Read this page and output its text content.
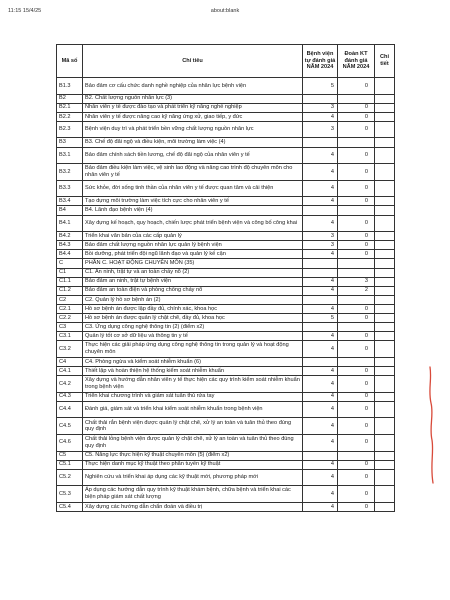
11:15 15/4/25	about:blank
Mã số	Chỉ tiêu	Bệnh viện tự đánh giá NĂM 2024	Đoàn KT đánh giá NĂM 2024	Chi tiết
B1.3	Bảo đảm cơ cấu chức danh nghề nghiệp của nhân lực bệnh viện	5	0	
B2	B2. Chất lượng nguồn nhân lực (3)			
B2.1	Nhân viên y tế được đào tạo và phát triển kỹ năng nghề nghiệp	3	0	
B2.2	Nhân viên y tế được nâng cao kỹ năng ứng xử, giao tiếp, y đức	4	0	
B2.3	Bệnh viện duy trì và phát triển bền vững chất lượng nguồn nhân lực	3	0	
B3	B3. Chế độ đãi ngộ và điều kiện, môi trường làm việc (4)			
B3.1	Bảo đảm chính sách tiền lương, chế độ đãi ngộ của nhân viên y tế	4	0	
B3.2	Bảo đảm điều kiện làm việc, vệ sinh lao động và nâng cao trình độ chuyên môn cho nhân viên y tế	4	0	
B3.3	Sức khỏe, đời sống tinh thần của nhân viên y tế được quan tâm và cải thiện	4	0	
B3.4	Tạo dựng môi trường làm việc tích cực cho nhân viên y tế	4	0	
B4	B4. Lãnh đạo bệnh viện (4)			
B4.1	Xây dựng kế hoạch, quy hoạch, chiến lược phát triển bệnh viện và công bố công khai	4	0	
B4.2	Triển khai văn bản của các cấp quản lý	3	0	
B4.3	Bảo đảm chất lượng nguồn nhân lực quản lý bệnh viện	3	0	
B4.4	Bồi dưỡng, phát triển đội ngũ lãnh đạo và quản lý kế cận	4	0	
C	PHẦN C. HOẠT ĐỘNG CHUYÊN MÔN (35)			
C1	C1. An ninh, trật tự và an toàn cháy nổ (2)			
C1.1	Bảo đảm an ninh, trật tự bệnh viện	4	3	
C1.2	Bảo đảm an toàn điện và phòng chống cháy nổ	4	2	
C2	C2. Quản lý hồ sơ bệnh án (2)			
C2.1	Hồ sơ bệnh án được lập đầy đủ, chính xác, khoa học	4	0	
C2.2	Hồ sơ bệnh án được quản lý chặt chẽ, đầy đủ, khoa học	5	0	
C3	C3. Ứng dụng công nghệ thông tin (2) (điểm x2)			
C3.1	Quản lý tốt cơ sở dữ liệu và thông tin y tế	4	0	
C3.2	Thực hiện các giải pháp ứng dụng công nghệ thông tin trong quản lý và hoạt động chuyên môn	4	0	
C4	C4. Phòng ngừa và kiểm soát nhiễm khuẩn (6)			
C4.1	Thiết lập và hoàn thiện hệ thống kiểm soát nhiễm khuẩn	4	0	
C4.2	Xây dựng và hướng dẫn nhân viên y tế thực hiện các quy trình kiểm soát nhiễm khuẩn trong bệnh viện	4	0	
C4.3	Triển khai chương trình và giám sát tuân thủ rửa tay	4	0	
C4.4	Đánh giá, giám sát và triển khai kiểm soát nhiễm khuẩn trong bệnh viện	4	0	
C4.5	Chất thải rắn bệnh viện được quản lý chặt chẽ, xử lý an toàn và tuân thủ theo đúng quy định	4	0	
C4.6	Chất thải lỏng bệnh viện được quản lý chặt chẽ, xử lý an toàn và tuân thủ theo đúng quy định	4	0	
C5	C5. Năng lực thực hiện kỹ thuật chuyên môn (5) (điểm x2)			
C5.1	Thực hiện danh mục kỹ thuật theo phân tuyến kỹ thuật	4	0	
C5.2	Nghiên cứu và triển khai áp dụng các kỹ thuật mới, phương pháp mới	4	0	
C5.3	Áp dụng các hướng dẫn quy trình kỹ thuật khám bệnh, chữa bệnh và triển khai các biện pháp giám sát chất lượng	4	0	
C5.4	Xây dựng các hướng dẫn chẩn đoán và điều trị	4	0	
